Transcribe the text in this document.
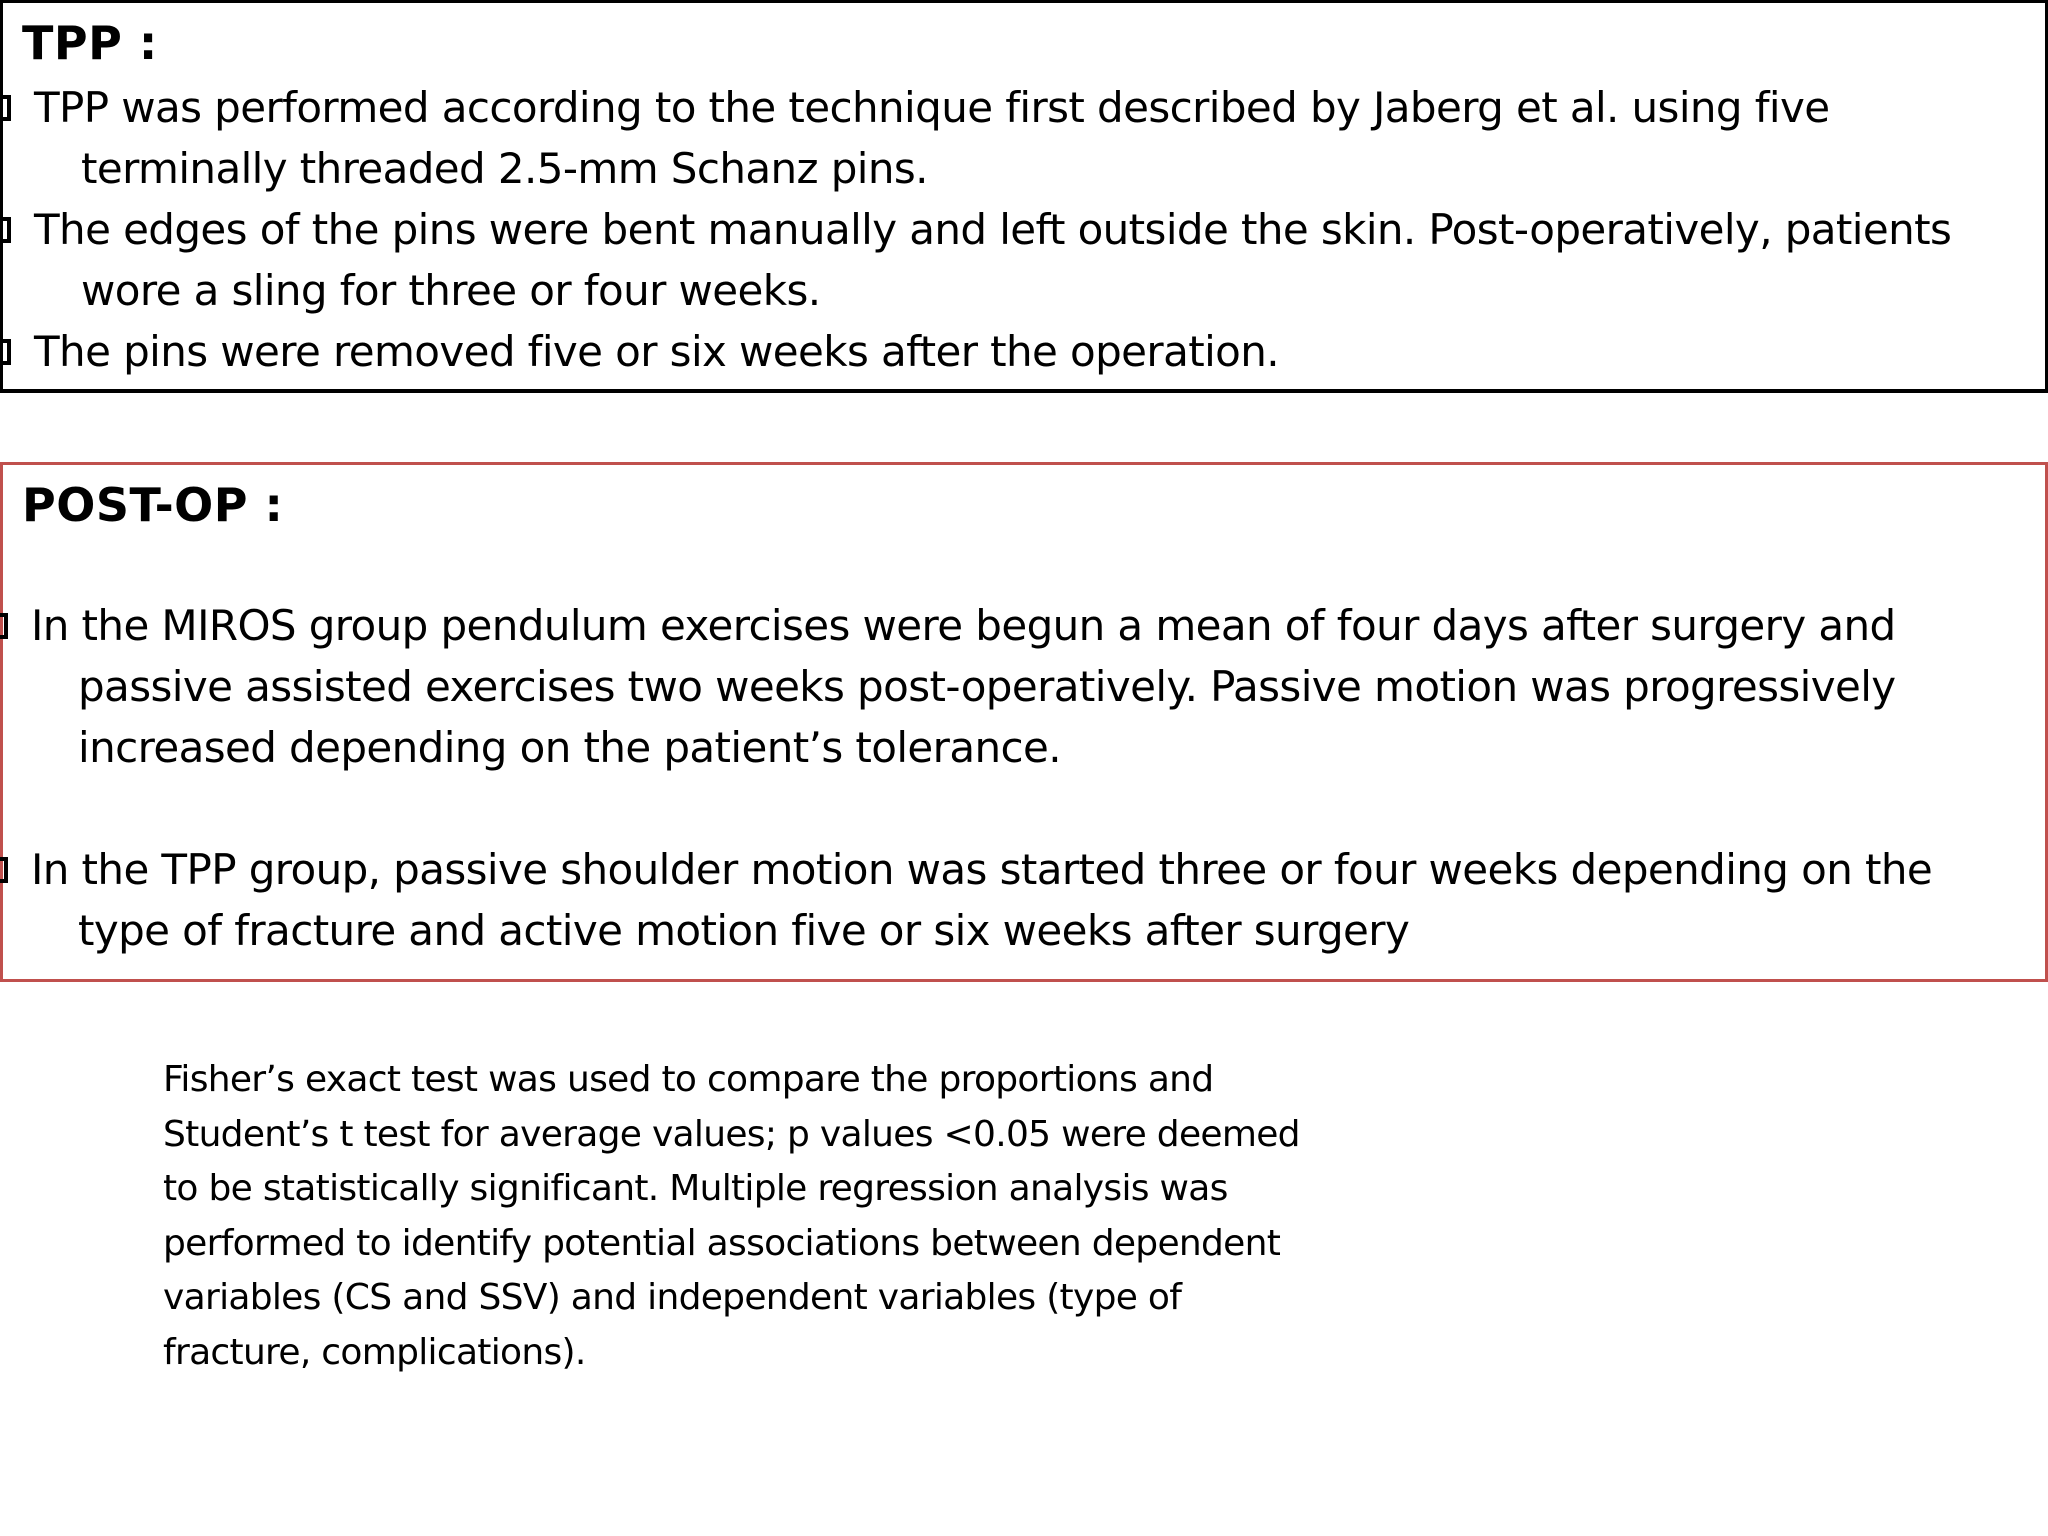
TPP :
TPP was performed according to the technique first described by Jaberg et al. using five terminally threaded 2.5-mm Schanz pins.
The edges of the pins were bent manually and left outside the skin. Post-operatively, patients wore a sling for three or four weeks.
The pins were removed five or six weeks after the operation.
POST-OP :
In the MIROS group pendulum exercises were begun a mean of four days after surgery and passive assisted exercises two weeks post-operatively. Passive motion was progressively increased depending on the patient’s tolerance.
In the TPP group, passive shoulder motion was started three or four weeks depending on the type of fracture and active motion five or six weeks after surgery

Fisher’s exact test was used to compare the proportions and Student’s t test for average values; p values <0.05 were deemed to be statistically significant. Multiple regression analysis was performed to identify potential associations between dependent variables (CS and SSV) and independent variables (type of fracture, complications).
